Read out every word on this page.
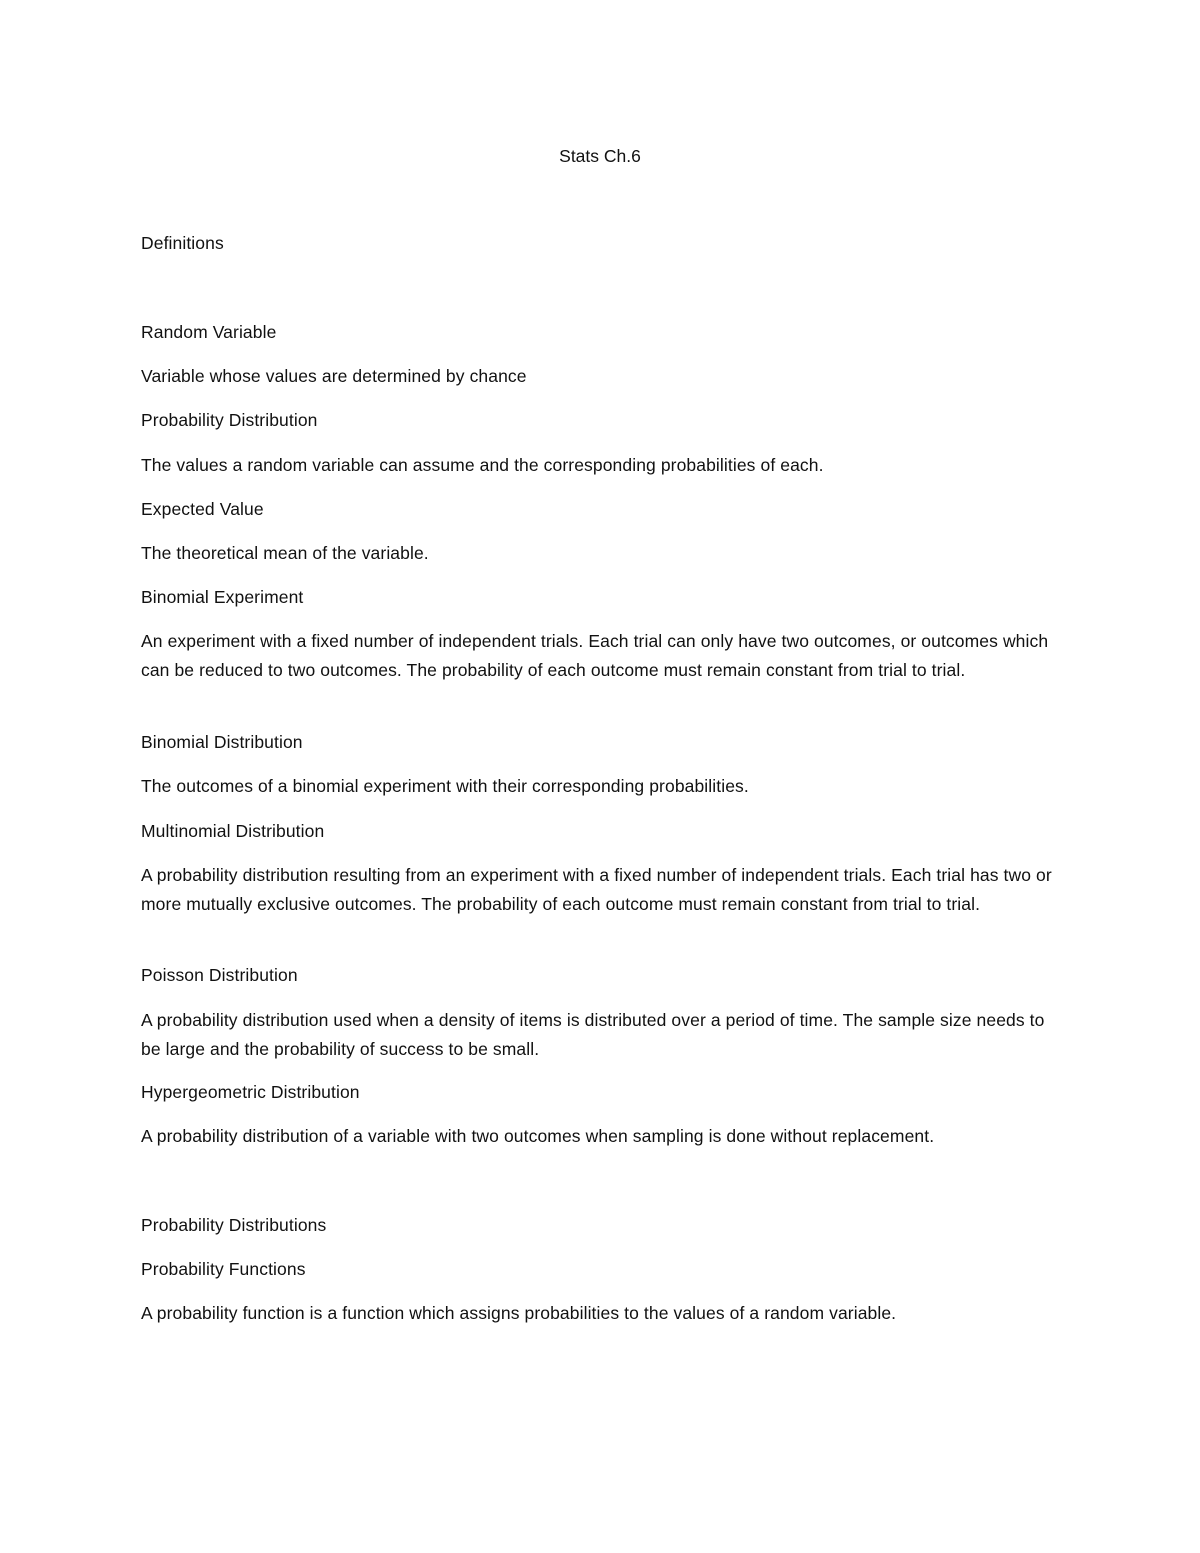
Stats Ch.6

Definitions

Random Variable

Variable whose values are determined by chance

Probability Distribution

The values a random variable can assume and the corresponding probabilities of each.

Expected Value

The theoretical mean of the variable.

Binomial Experiment

An experiment with a fixed number of independent trials. Each trial can only have two outcomes, or outcomes which can be reduced to two outcomes. The probability of each outcome must remain constant from trial to trial.

Binomial Distribution

The outcomes of a binomial experiment with their corresponding probabilities.

Multinomial Distribution

A probability distribution resulting from an experiment with a fixed number of independent trials. Each trial has two or more mutually exclusive outcomes. The probability of each outcome must remain constant from trial to trial.

Poisson Distribution

A probability distribution used when a density of items is distributed over a period of time. The sample size needs to be large and the probability of success to be small.

Hypergeometric Distribution

A probability distribution of a variable with two outcomes when sampling is done without replacement.

Probability Distributions

Probability Functions

A probability function is a function which assigns probabilities to the values of a random variable.
